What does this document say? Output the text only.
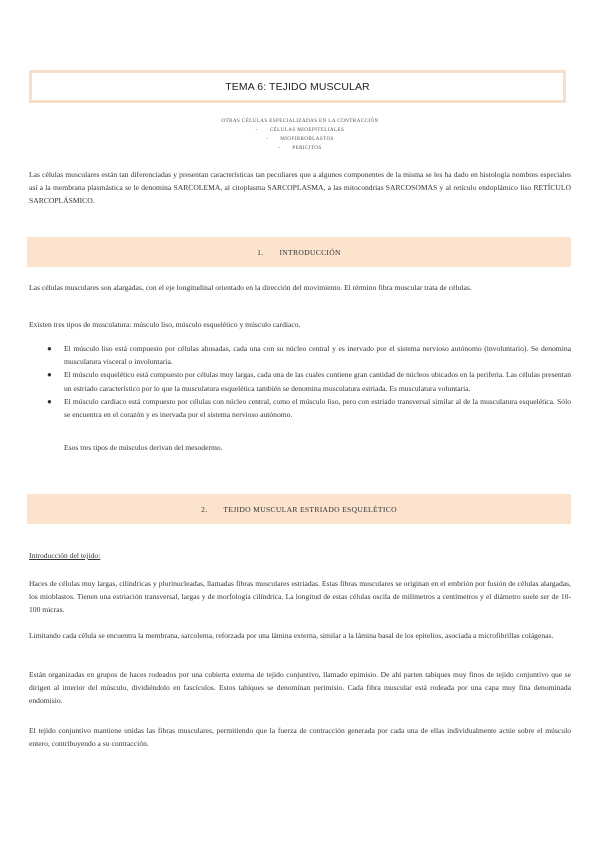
TEMA 6: TEJIDO MUSCULAR
OTRAS CÉLULAS ESPECIALIZADAS EN LA CONTRACCIÓN
- CÉLULAS MIOEPITELIALES
- MIOFIBROBLASTOS
- PERICITOS
Las células musculares están tan diferenciadas y presentan características tan peculiares que a algunos componentes de la misma se les ha dado en histología nombres especiales así a la membrana plasmástica se le denomina SARCOLEMA, al citoplasma SARCOPLASMA, a las mitocondrias SARCOSOMAS y al retículo endoplámico liso RETÍCULO SARCOPLÁSMICO.
1. INTRODUCCIÓN
Las células musculares son alargadas, con el eje longitudinal orientado en la dirección del movimiento. El término fibra muscular trata de células.
Existen tres tipos de musculatura: músculo liso, músculo esquelético y músculo cardiaco.
● El músculo liso está compuesto por células ahusadas, cada una con su núcleo central y es inervado por el sistema nervioso autónomo (involuntario). Se denomina musculatura visceral o involuntaria.
● El músculo esquelético está compuesto por células muy largas, cada una de las cuales contiene gran cantidad de núcleos ubicados en la periferia. Las células presentan un estriado característico por lo que la musculatura esquelética también se denomina musculatura estriada. Es musculatura voluntaria.
● El músculo cardiaco está compuesto por células con núcleo central, como el músculo liso, pero con estriado transversal similar al de la musculatura esquelética. Sólo se encuentra en el corazón y es inervada por el sistema nervioso autónomo.
Esos tres tipos de músculos derivan del mesodermo.
2. TEJIDO MUSCULAR ESTRIADO ESQUELÉTICO
Introducción del tejido:
Haces de células muy largas, cilíndricas y plurinucleadas, llamadas fibras musculares estriadas. Estas fibras musculares se originan en el embrión por fusión de células alargadas, los mioblastos. Tienen una estriación transversal, largas y de morfología cilíndrica. La longitud de estas células oscila de milímetros a centímetros y el diámetro suele ser de 10-100 micras.
Limitando cada célula se encuentra la membrana, sarcolema, reforzada por una lámina externa, similar a la lámina basal de los epitelios, asociada a microfibrillas colágenas.
Están organizadas en grupos de haces rodeados por una cubierta externa de tejido conjuntivo, llamado epimisio. De ahí parten tabiques muy finos de tejido conjuntivo que se dirigen al interior del músculo, dividiéndolo en fascículos. Estos tabiques se denominan perimisio. Cada fibra muscular está rodeada por una capa muy fina denominada endomisio.
El tejido conjuntivo mantiene unidas las fibras musculares, permitiendo que la fuerza de contracción generada por cada una de ellas individualmente actúe sobre el músculo entero, contribuyendo a su contracción.
